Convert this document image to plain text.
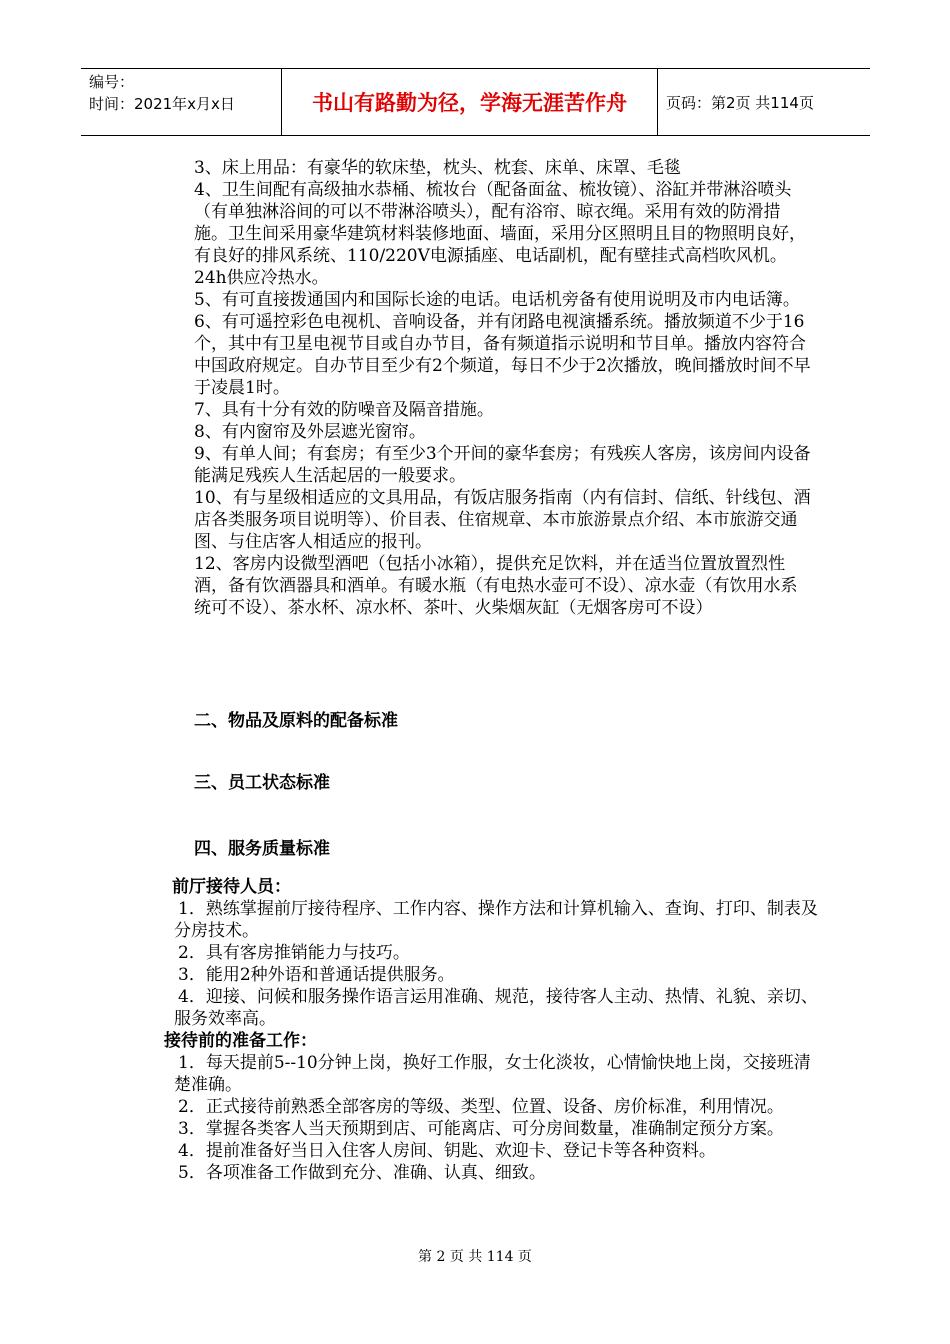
编号：
时间：2021年x月x日	书山有路勤为径，学海无涯苦作舟	页码：第2页 共114页

3、床上用品：有豪华的软床垫，枕头、枕套、床单、床罩、毛毯

4、卫生间配有高级抽水恭桶、梳妆台（配备面盆、梳妆镜）、浴缸并带淋浴喷头（有单独淋浴间的可以不带淋浴喷头），配有浴帘、晾衣绳。采用有效的防滑措施。卫生间采用豪华建筑材料装修地面、墙面，采用分区照明且目的物照明良好，有良好的排风系统、110/220V电源插座、电话副机，配有壁挂式高档吹风机。24h供应冷热水。

5、有可直接拨通国内和国际长途的电话。电话机旁备有使用说明及市内电话簿。

6、有可遥控彩色电视机、音响设备，并有闭路电视演播系统。播放频道不少于16个，其中有卫星电视节目或自办节目，备有频道指示说明和节目单。播放内容符合中国政府规定。自办节目至少有2个频道，每日不少于2次播放，晚间播放时间不早于凌晨1时。

7、具有十分有效的防噪音及隔音措施。

8、有内窗帘及外层遮光窗帘。

9、有单人间；有套房；有至少3个开间的豪华套房；有残疾人客房，该房间内设备能满足残疾人生活起居的一般要求。

10、有与星级相适应的文具用品，有饭店服务指南（内有信封、信纸、针线包、酒店各类服务项目说明等）、价目表、住宿规章、本市旅游景点介绍、本市旅游交通图、与住店客人相适应的报刊。

12、客房内设微型酒吧（包括小冰箱），提供充足饮料，并在适当位置放置烈性酒，备有饮酒器具和酒单。有暖水瓶（有电热水壶可不设）、凉水壶（有饮用水系统可不设）、茶水杯、凉水杯、茶叶、火柴烟灰缸（无烟客房可不设）

二、物品及原料的配备标准
三、员工状态标准
四、服务质量标准

前厅接待人员：

1．熟练掌握前厅接待程序、工作内容、操作方法和计算机输入、查询、打印、制表及分房技术。

2．具有客房推销能力与技巧。

3．能用2种外语和普通话提供服务。

4．迎接、问候和服务操作语言运用准确、规范，接待客人主动、热情、礼貌、亲切、服务效率高。

接待前的准备工作：

1．每天提前5--10分钟上岗，换好工作服，女士化淡妆，心情愉快地上岗，交接班清楚准确。

2．正式接待前熟悉全部客房的等级、类型、位置、设备、房价标准，利用情况。

3．掌握各类客人当天预期到店、可能离店、可分房间数量，准确制定预分方案。

4．提前准备好当日入住客人房间、钥匙、欢迎卡、登记卡等各种资料。

5．各项准备工作做到充分、准确、认真、细致。

第 2 页 共 114 页
